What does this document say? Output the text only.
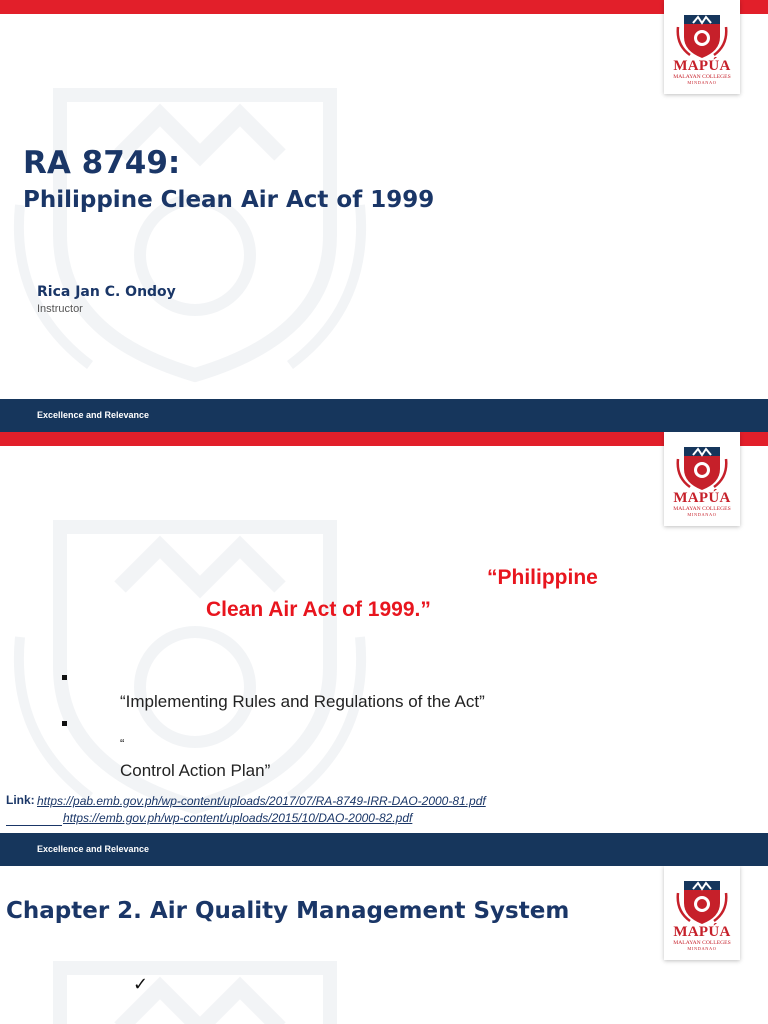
MAPÚA
MALAYAN COLLEGES
MINDANAO
RA 8749:
Philippine Clean Air Act of 1999
Rica Jan C. Ondoy
Instructor
Excellence and Relevance
MAPÚA
MALAYAN COLLEGES
MINDANAO
“Philippine
Clean Air Act of 1999.”
“Implementing Rules and Regulations of the Act”
“
Control Action Plan”
Link: https://pab.emb.gov.ph/wp-content/uploads/2017/07/RA-8749-IRR-DAO-2000-81.pdf
https://emb.gov.ph/wp-content/uploads/2015/10/DAO-2000-82.pdf
Excellence and Relevance
MAPÚA
MALAYAN COLLEGES
MINDANAO
Chapter 2. Air Quality Management System
✓
